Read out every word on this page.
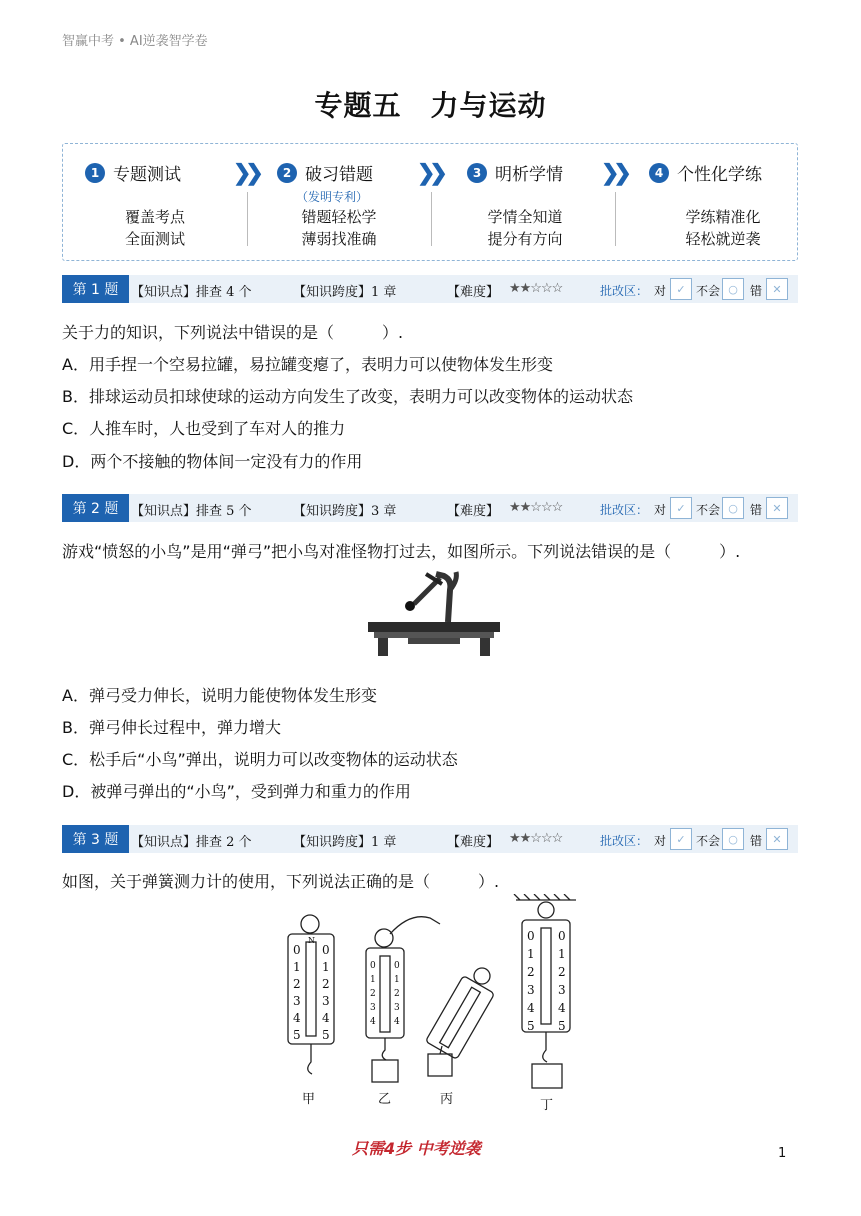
智赢中考 • AI逆袭智学卷
专题五　力与运动
1 专题测试 ❯❯	2 破习错题
（发明专利）
❯❯	3 明析学情 ❯❯	4 个性化学练
覆盖考点
全面测试
错题轻松学
薄弱找准确
学情全知道
提分有方向
学练精准化
轻松就逆袭
第 1 题 【知识点】排查 4 个	【知识跨度】1 章	【难度】 ★★☆☆☆	批改区： 对 ✓ 不会 ○	错 ✕
关于力的知识，下列说法中错误的是（　　　）.
A．用手捏一个空易拉罐，易拉罐变瘪了，表明力可以使物体发生形变
B．排球运动员扣球使球的运动方向发生了改变，表明力可以改变物体的运动状态
C．人推车时，人也受到了车对人的推力
D．两个不接触的物体间一定没有力的作用
第 2 题 【知识点】排查 5 个	【知识跨度】3 章	【难度】 ★★☆☆☆	批改区： 对 ✓ 不会 ○	错 ✕
游戏“愤怒的小鸟”是用“弹弓”把小鸟对准怪物打过去，如图所示。下列说法错误的是（　　　）.
A．弹弓受力伸长，说明力能使物体发生形变
B．弹弓伸长过程中，弹力增大
C．松手后“小鸟”弹出，说明力可以改变物体的运动状态
D．被弹弓弹出的“小鸟”，受到弹力和重力的作用
第 3 题 【知识点】排查 2 个	【知识跨度】1 章	【难度】 ★★☆☆☆	批改区： 对 ✓ 不会 ○	错 ✕
如图，关于弹簧测力计的使用，下列说法正确的是（　　　）.
N
0 0
1 1
2 2
3 3
4 4
5 5
0 0
1 1
2 2
3 3
4 4
5 5
0 0
1 1
2 2
3 3
4 4
甲	乙	丙	丁
只需4步 中考逆袭	1
